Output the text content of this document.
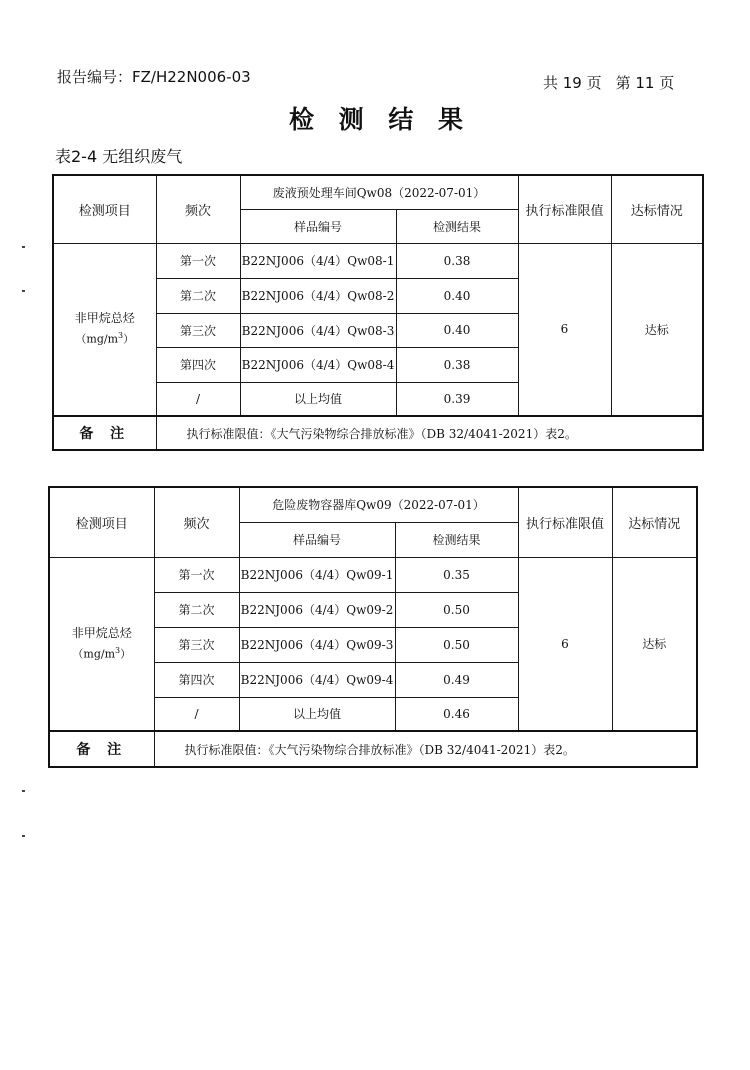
报告编号：FZ/H22N006-03	共 19 页 第 11 页
检 测 结 果
表2-4 无组织废气
检测项目	频次	废液预处理车间Qw08（2022-07-01）		执行标准限值	达标情况
		样品编号	检测结果		

非甲烷总烃
$(mg/m^3)$	第一次	B22NJ006（4/4）Qw08-1	0.38	6	达标
	第二次	B22NJ006（4/4）Qw08-2	0.40		
	第三次	B22NJ006（4/4）Qw08-3	0.40		
	第四次	B22NJ006（4/4）Qw08-4	0.38		
	/	以上均值	0.39		
备 注	执行标准限值：《大气污染物综合排放标准》（DB 32/4041-2021）表2。				
检测项目	频次	危险废物容器库Qw09（2022-07-01）		执行标准限值	达标情况
		样品编号	检测结果		

非甲烷总烃
$(mg/m^3)$	第一次	B22NJ006（4/4）Qw09-1	0.35	6	达标
	第二次	B22NJ006（4/4）Qw09-2	0.50		
	第三次	B22NJ006（4/4）Qw09-3	0.50		
	第四次	B22NJ006（4/4）Qw09-4	0.49		
	/	以上均值	0.46		
备 注	执行标准限值：《大气污染物综合排放标准》（DB 32/4041-2021）表2。				
